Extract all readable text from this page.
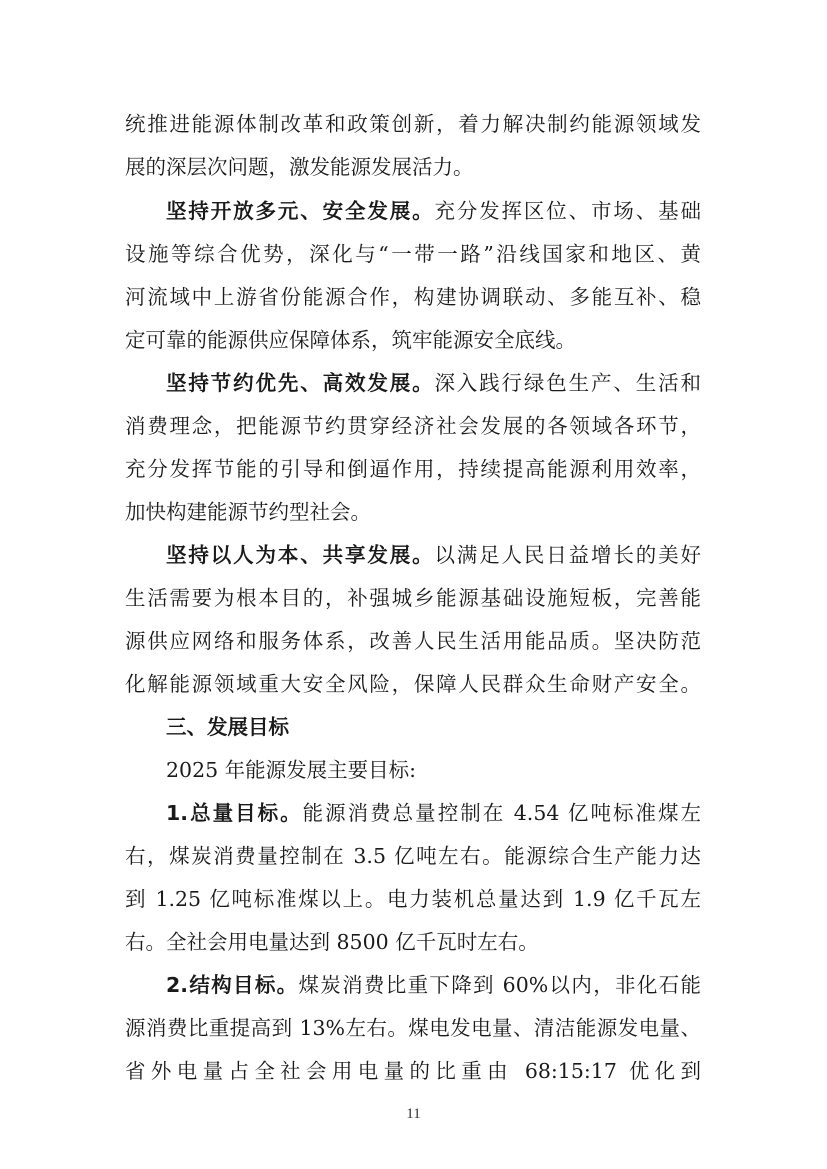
统推进能源体制改革和政策创新，着力解决制约能源领域发
展的深层次问题，激发能源发展活力。
坚持开放多元、安全发展。充分发挥区位、市场、基础
设施等综合优势，深化与“一带一路”沿线国家和地区、黄
河流域中上游省份能源合作，构建协调联动、多能互补、稳
定可靠的能源供应保障体系，筑牢能源安全底线。
坚持节约优先、高效发展。深入践行绿色生产、生活和
消费理念，把能源节约贯穿经济社会发展的各领域各环节，
充分发挥节能的引导和倒逼作用，持续提高能源利用效率，
加快构建能源节约型社会。
坚持以人为本、共享发展。以满足人民日益增长的美好
生活需要为根本目的，补强城乡能源基础设施短板，完善能
源供应网络和服务体系，改善人民生活用能品质。坚决防范
化解能源领域重大安全风险，保障人民群众生命财产安全。
三、发展目标
2025 年能源发展主要目标:
1.总量目标。能源消费总量控制在 4.54 亿吨标准煤左
右，煤炭消费量控制在 3.5 亿吨左右。能源综合生产能力达
到 1.25 亿吨标准煤以上。电力装机总量达到 1.9 亿千瓦左
右。全社会用电量达到 8500 亿千瓦时左右。
2.结构目标。煤炭消费比重下降到 60%以内，非化石能
源消费比重提高到 13%左右。煤电发电量、清洁能源发电量、
省外电量占全社会用电量的比重由 68:15:17 优化到
11
